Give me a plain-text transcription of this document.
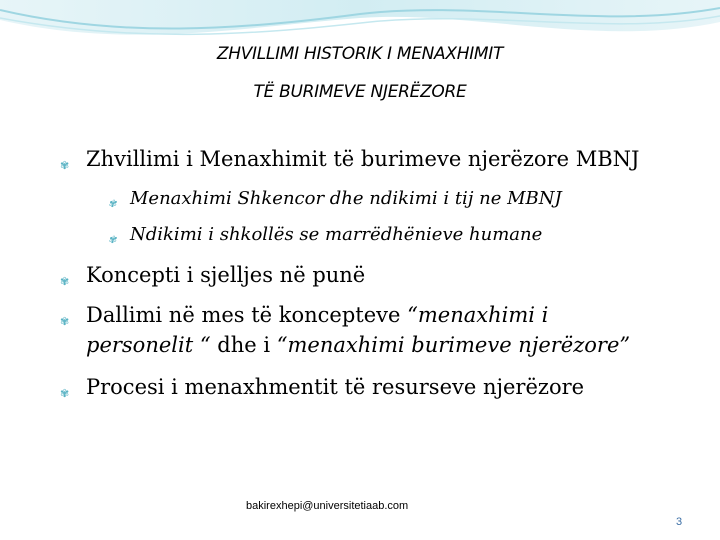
ZHVILLIMI HISTORIK I MENAXHIMIT
TË BURIMEVE NJERËZORE
✾ Zhvillimi i Menaxhimit të burimeve njerëzore MBNJ
✾ Menaxhimi Shkencor dhe ndikimi i tij ne MBNJ
✾ Ndikimi i shkollës se marrëdhënieve humane
✾ Koncepti i sjelljes në punë
✾ Dallimi në mes të koncepteve “menaxhimi i
personelit “ dhe i “menaxhimi burimeve njerëzore”
✾ Procesi i menaxhmentit të resurseve njerëzore
bakirexhepi@universitetiaab.com
3
